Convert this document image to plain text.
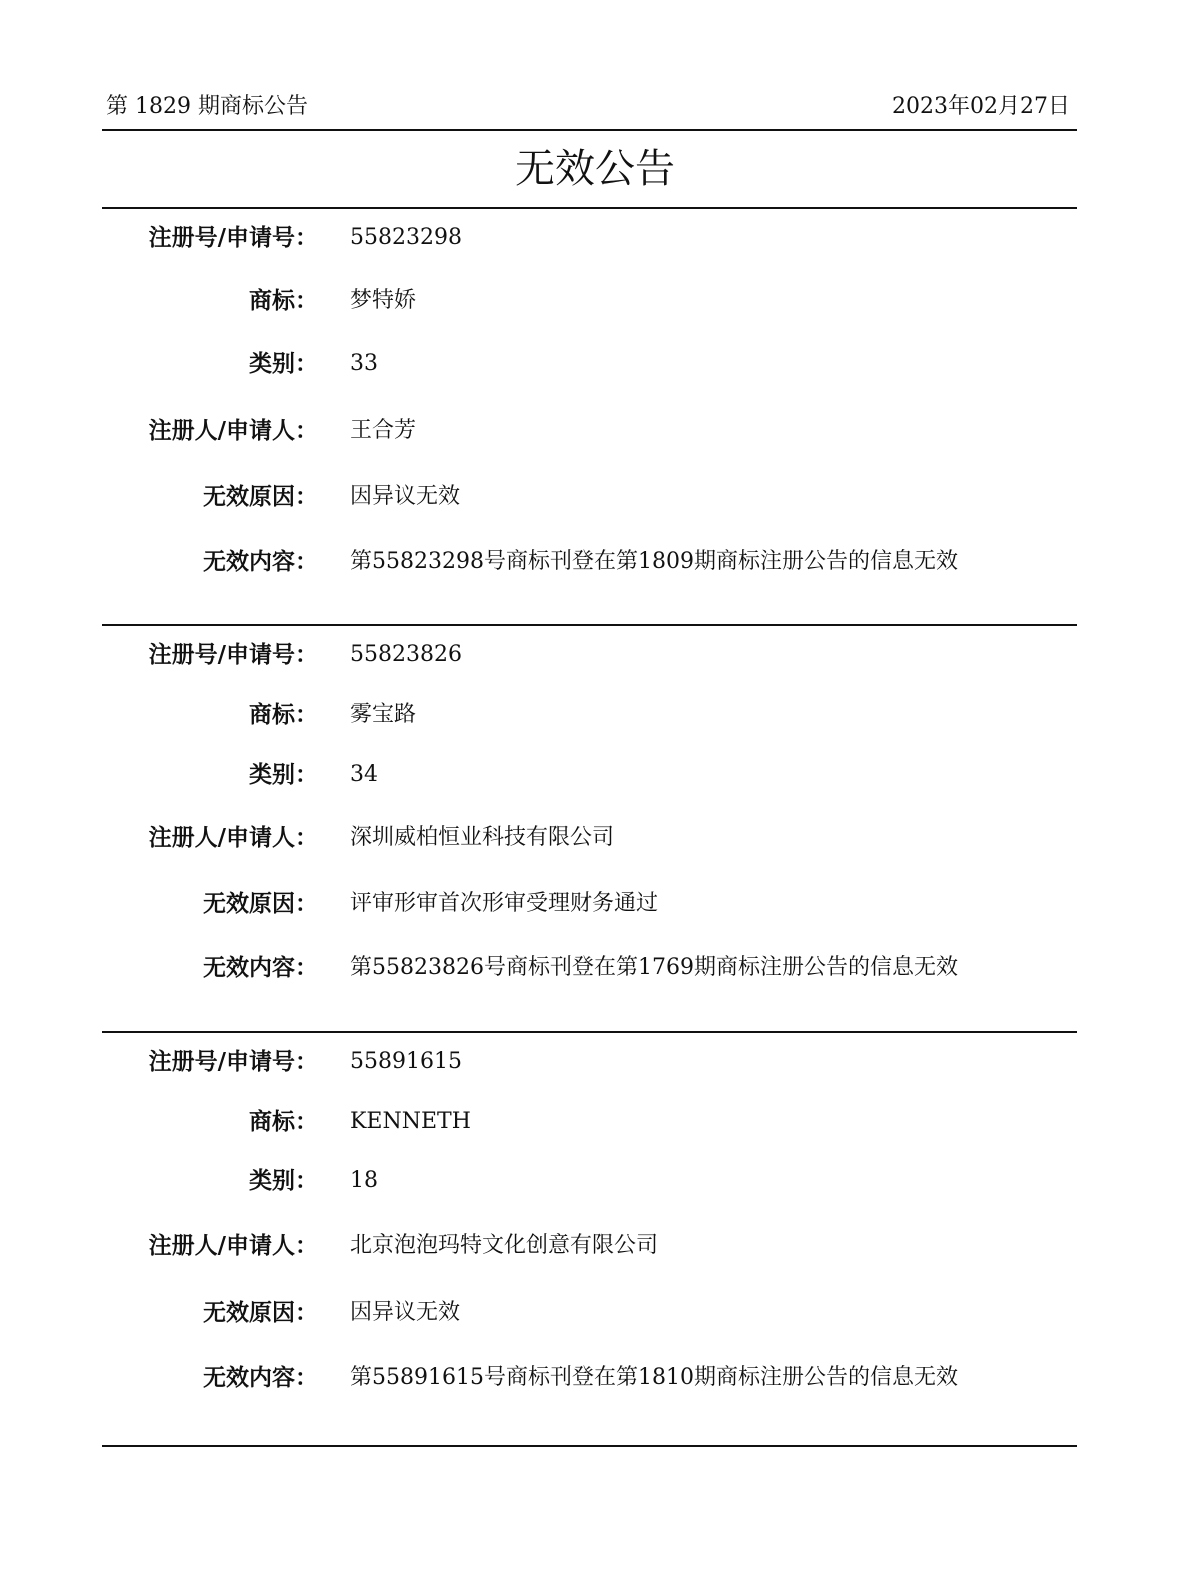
第 1829 期商标公告	2023年02月27日
无效公告
注册号/申请号： 55823298
商标： 梦特娇
类别： 33
注册人/申请人： 王合芳
无效原因： 因异议无效
无效内容： 第55823298号商标刊登在第1809期商标注册公告的信息无效
注册号/申请号： 55823826
商标： 雾宝路
类别： 34
注册人/申请人： 深圳威柏恒业科技有限公司
无效原因： 评审形审首次形审受理财务通过
无效内容： 第55823826号商标刊登在第1769期商标注册公告的信息无效
注册号/申请号： 55891615
商标： KENNETH
类别： 18
注册人/申请人： 北京泡泡玛特文化创意有限公司
无效原因： 因异议无效
无效内容： 第55891615号商标刊登在第1810期商标注册公告的信息无效
